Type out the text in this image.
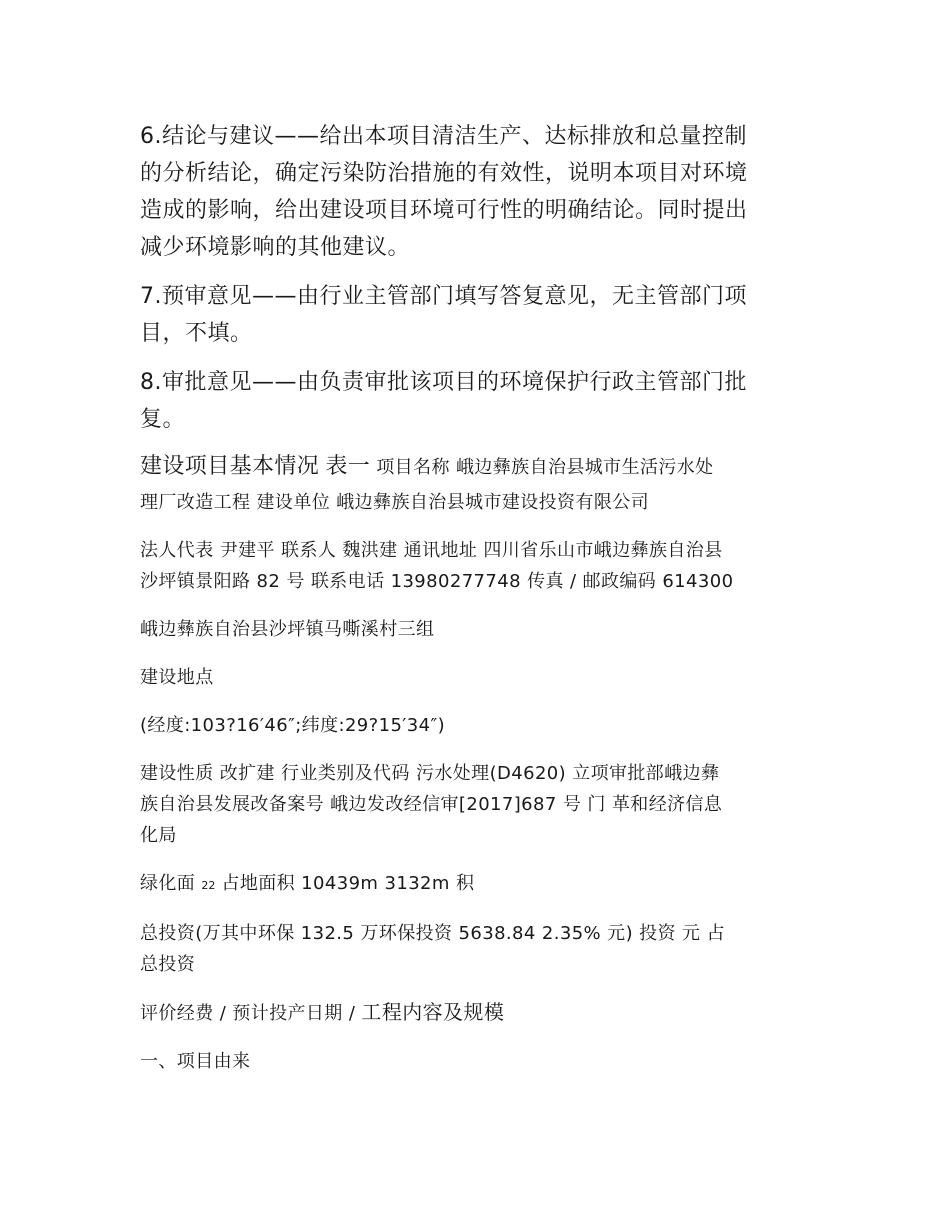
6.结论与建议——给出本项目清洁生产、达标排放和总量控制

的分析结论，确定污染防治措施的有效性，说明本项目对环境

造成的影响，给出建设项目环境可行性的明确结论。同时提出

减少环境影响的其他建议。

7.预审意见——由行业主管部门填写答复意见，无主管部门项

目，不填。

8.审批意见——由负责审批该项目的环境保护行政主管部门批

复。

建设项目基本情况 表一 项目名称 峨边彝族自治县城市生活污水处

理厂改造工程 建设单位 峨边彝族自治县城市建设投资有限公司

法人代表 尹建平 联系人 魏洪建 通讯地址 四川省乐山市峨边彝族自治县

沙坪镇景阳路 82 号 联系电话 13980277748 传真 / 邮政编码 614300

峨边彝族自治县沙坪镇马嘶溪村三组

建设地点

(经度:103?16′46″;纬度:29?15′34″)

建设性质 改扩建 行业类别及代码 污水处理(D4620) 立项审批部峨边彝

族自治县发展改备案号 峨边发改经信审[2017]687 号 门 革和经济信息

化局

绿化面 22 占地面积 10439m 3132m 积

总投资(万其中环保 132.5 万环保投资 5638.84 2.35% 元) 投资 元 占

总投资

评价经费 / 预计投产日期 / 工程内容及规模

一、项目由来
